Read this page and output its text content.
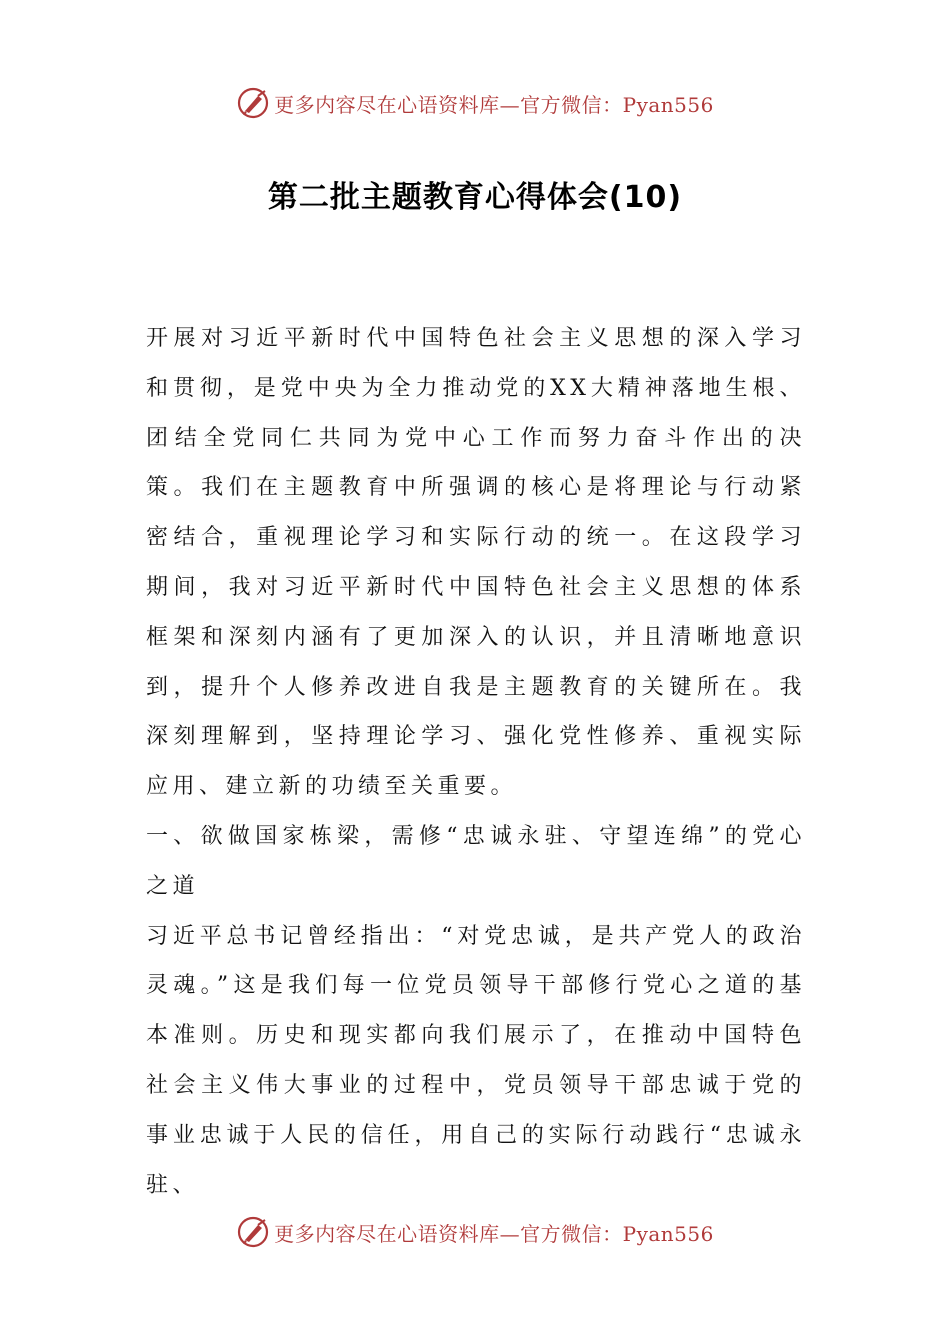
更多内容尽在心语资料库—官方微信：Pyan556
第二批主题教育心得体会(10)

开展对习近平新时代中国特色社会主义思想的深入学习和贯彻，是党中央为全力推动党的XX大精神落地生根、团结全党同仁共同为党中心工作而努力奋斗作出的决策。我们在主题教育中所强调的核心是将理论与行动紧密结合，重视理论学习和实际行动的统一。在这段学习期间，我对习近平新时代中国特色社会主义思想的体系框架和深刻内涵有了更加深入的认识，并且清晰地意识到，提升个人修养改进自我是主题教育的关键所在。我深刻理解到，坚持理论学习、强化党性修养、重视实际应用、建立新的功绩至关重要。

一、欲做国家栋梁，需修“忠诚永驻、守望连绵”的党心之道

习近平总书记曾经指出：“对党忠诚，是共产党人的政治灵魂。”这是我们每一位党员领导干部修行党心之道的基本准则。历史和现实都向我们展示了，在推动中国特色社会主义伟大事业的过程中，党员领导干部忠诚于党的事业忠诚于人民的信任，用自己的实际行动践行“忠诚永驻、

更多内容尽在心语资料库—官方微信：Pyan556
